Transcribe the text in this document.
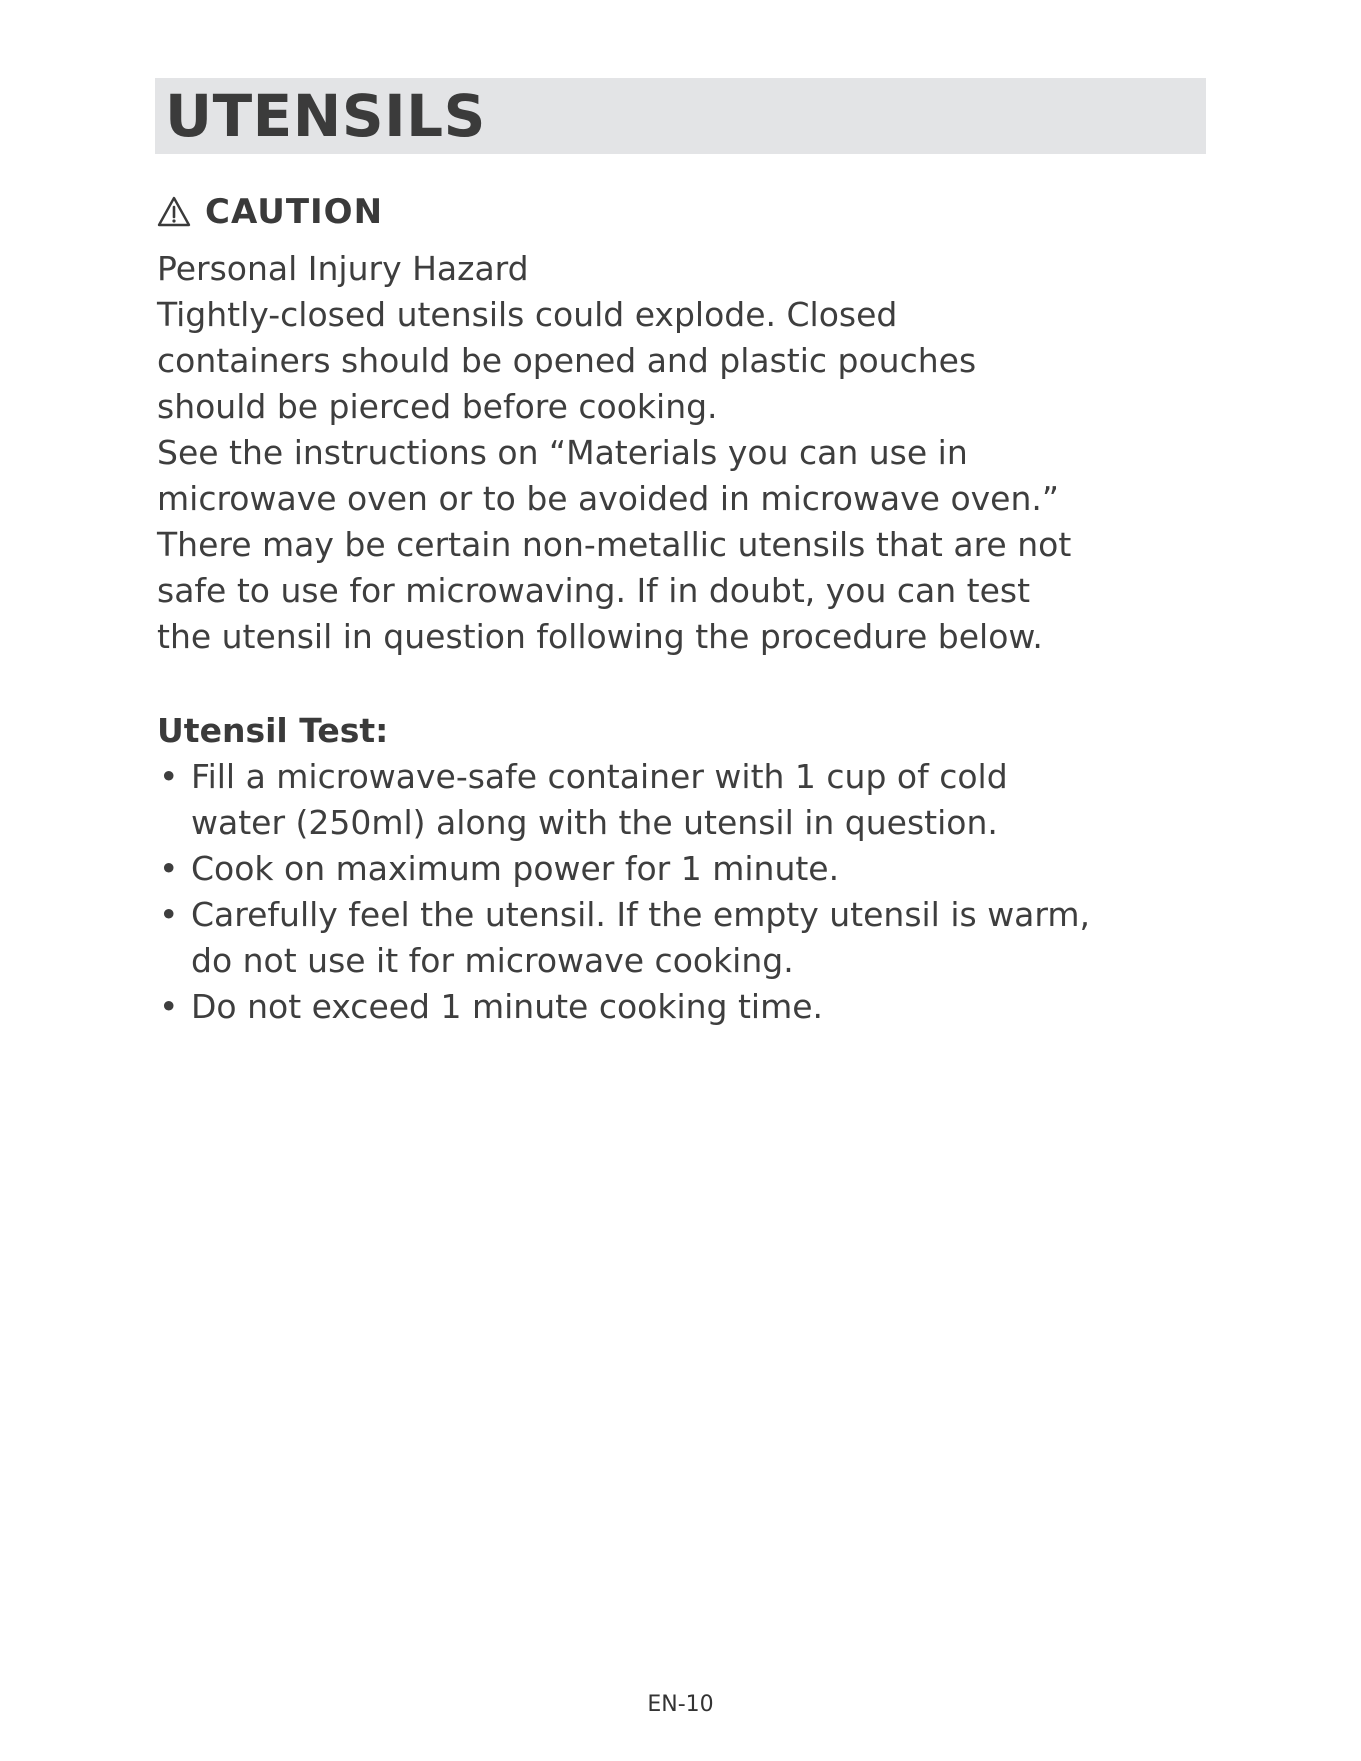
UTENSILS
CAUTION

Personal Injury Hazard

Tightly-closed utensils could explode. Closed

containers should be opened and plastic pouches

should be pierced before cooking.

See the instructions on “Materials you can use in

microwave oven or to be avoided in microwave oven.”

There may be certain non-metallic utensils that are not

safe to use for microwaving. If in doubt, you can test

the utensil in question following the procedure below.

Utensil Test:
• Fill a microwave-safe container with 1 cup of cold
water (250ml) along with the utensil in question.
• Cook on maximum power for 1 minute.
• Carefully feel the utensil. If the empty utensil is warm,
do not use it for microwave cooking.
• Do not exceed 1 minute cooking time.
EN-10
